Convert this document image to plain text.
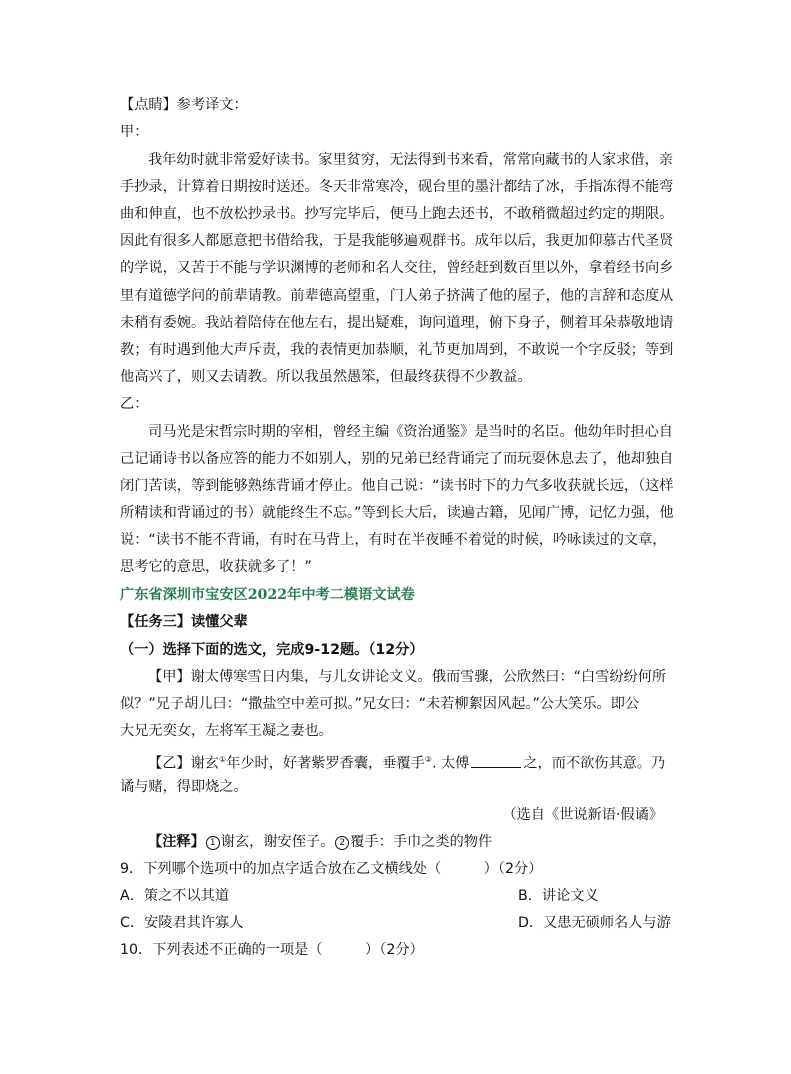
【点睛】参考译文：
甲：
我年幼时就非常爱好读书。家里贫穷，无法得到书来看，常常向藏书的人家求借，亲
手抄录，计算着日期按时送还。冬天非常寒冷，砚台里的墨汁都结了冰，手指冻得不能弯
曲和伸直，也不放松抄录书。抄写完毕后，便马上跑去还书，不敢稍微超过约定的期限。
因此有很多人都愿意把书借给我，于是我能够遍观群书。成年以后，我更加仰慕古代圣贤
的学说，又苦于不能与学识渊博的老师和名人交往，曾经赶到数百里以外，拿着经书向乡
里有道德学问的前辈请教。前辈德高望重，门人弟子挤满了他的屋子，他的言辞和态度从
未稍有委婉。我站着陪侍在他左右，提出疑难，询问道理，俯下身子，侧着耳朵恭敬地请
教；有时遇到他大声斥责，我的表情更加恭顺，礼节更加周到，不敢说一个字反驳；等到
他高兴了，则又去请教。所以我虽然愚笨，但最终获得不少教益。
乙：
司马光是宋哲宗时期的宰相，曾经主编《资治通鉴》是当时的名臣。他幼年时担心自
己记诵诗书以备应答的能力不如别人，别的兄弟已经背诵完了而玩耍休息去了，他却独自
闭门苦读，等到能够熟练背诵才停止。他自己说：“读书时下的力气多收获就长远，（这样
所精读和背诵过的书）就能终生不忘。”等到长大后，读遍古籍，见闻广博，记忆力强，他
说：“读书不能不背诵，有时在马背上，有时在半夜睡不着觉的时候，吟咏读过的文章，
思考它的意思，收获就多了！”
广东省深圳市宝安区2022年中考二模语文试卷
【任务三】读懂父辈
（一）选择下面的选文，完成9-12题。（12分）
【甲】谢太傅寒雪日内集，与儿女讲论文义。俄而雪骤，公欣然曰：“白雪纷纷何所
似？”兄子胡儿曰：“撒盐空中差可拟。”兄女曰：“未若柳絮因风起。”公大笑乐。即公
大兄无奕女，左将军王凝之妻也。
【乙】谢玄①年少时，好著紫罗香囊，垂覆手②. 太傅	之，而不欲伤其意。乃
谲与赌，得即烧之。
（选自《世说新语·假谲》
【注释】 1 谢玄，谢安侄子。 2 覆手：手巾之类的物件
9．下列哪个选项中的加点字适合放在乙文横线处（　　　）（2分）
A．策之不以其道	B．讲论文义
C．安陵君其许寡人	D．又患无硕师名人与游
10．下列表述不正确的一项是（　　　）（2分）
